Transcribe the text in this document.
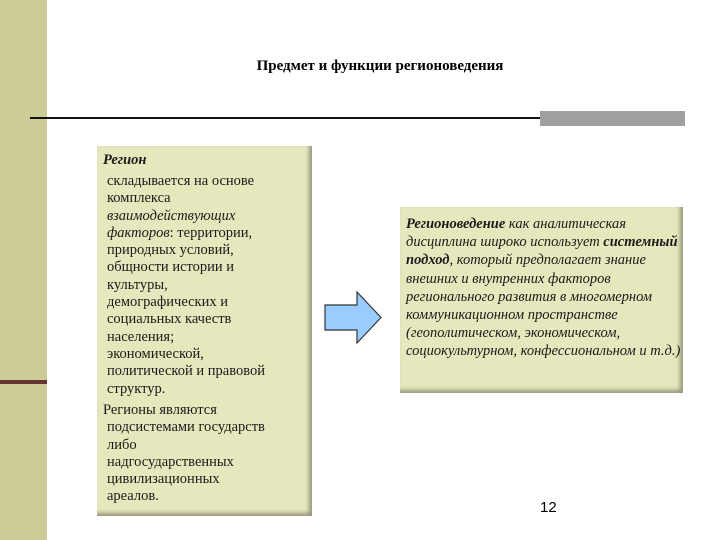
Предмет и функции регионоведения
Регион
складывается на основе
комплекса
взаимодействующих
факторов: территории,
природных условий,
общности истории и
культуры,
демографических и
социальных качеств
населения;
экономической,
политической и правовой
структур.
Регионы являются
подсистемами государств
либо
надгосударственных
цивилизационных
ареалов.
Регионоведение как аналитическая дисциплина широко использует системный подход, который предполагает знание внешних и внутренних факторов регионального развития в многомерном коммуникационном пространстве (геополитическом, экономическом, социокультурном, конфессиональном и т.д.)
12
